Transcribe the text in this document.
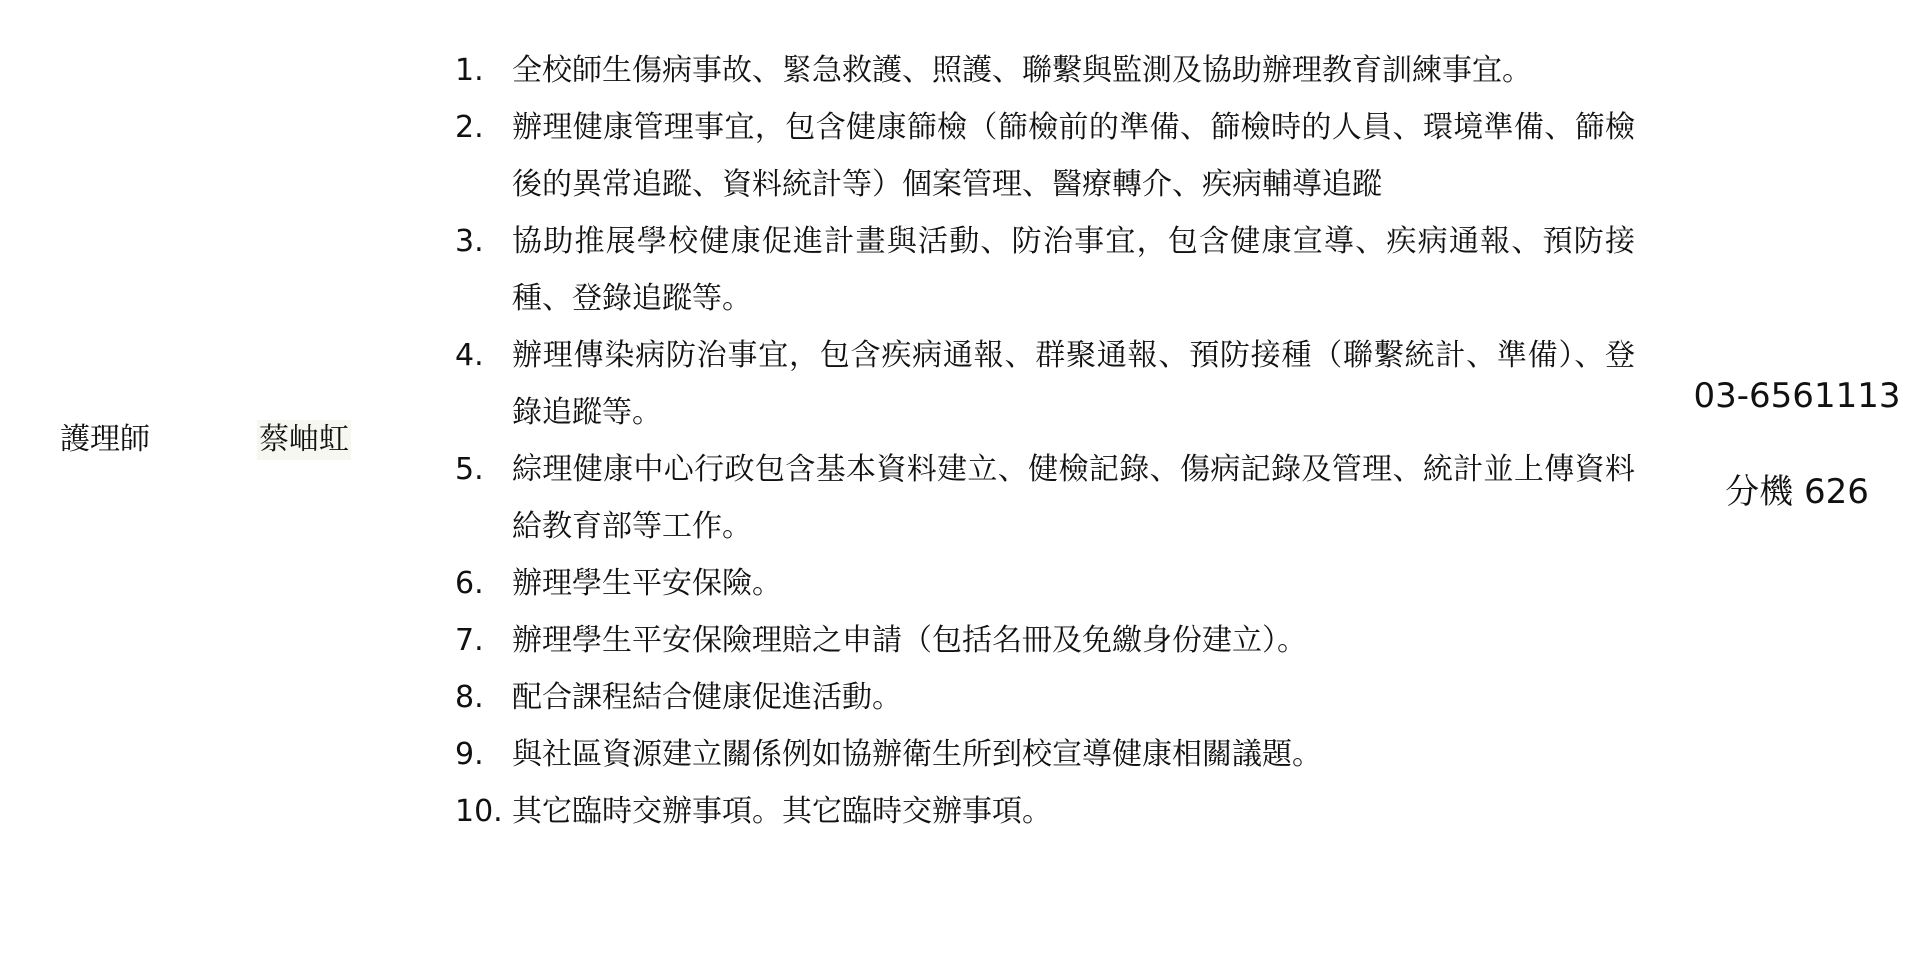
護理師	蔡岫虹
1. 全校師生傷病事故、緊急救護、照護、聯繫與監測及協助辦理教育訓練事宜。
2. 辦理健康管理事宜，包含健康篩檢（篩檢前的準備、篩檢時的人員、環境準備、篩檢後的異常追蹤、資料統計等）個案管理、醫療轉介、疾病輔導追蹤
3. 協助推展學校健康促進計畫與活動、防治事宜，包含健康宣導、疾病通報、預防接種、登錄追蹤等。
4. 辦理傳染病防治事宜，包含疾病通報、群聚通報、預防接種（聯繫統計、準備）、登錄追蹤等。
5. 綜理健康中心行政包含基本資料建立、健檢記錄、傷病記錄及管理、統計並上傳資料給教育部等工作。
6. 辦理學生平安保險。
7. 辦理學生平安保險理賠之申請（包括名冊及免繳身份建立）。
8. 配合課程結合健康促進活動。
9. 與社區資源建立關係例如協辦衛生所到校宣導健康相關議題。
10. 其它臨時交辦事項。其它臨時交辦事項。
03-6561113
分機 626
